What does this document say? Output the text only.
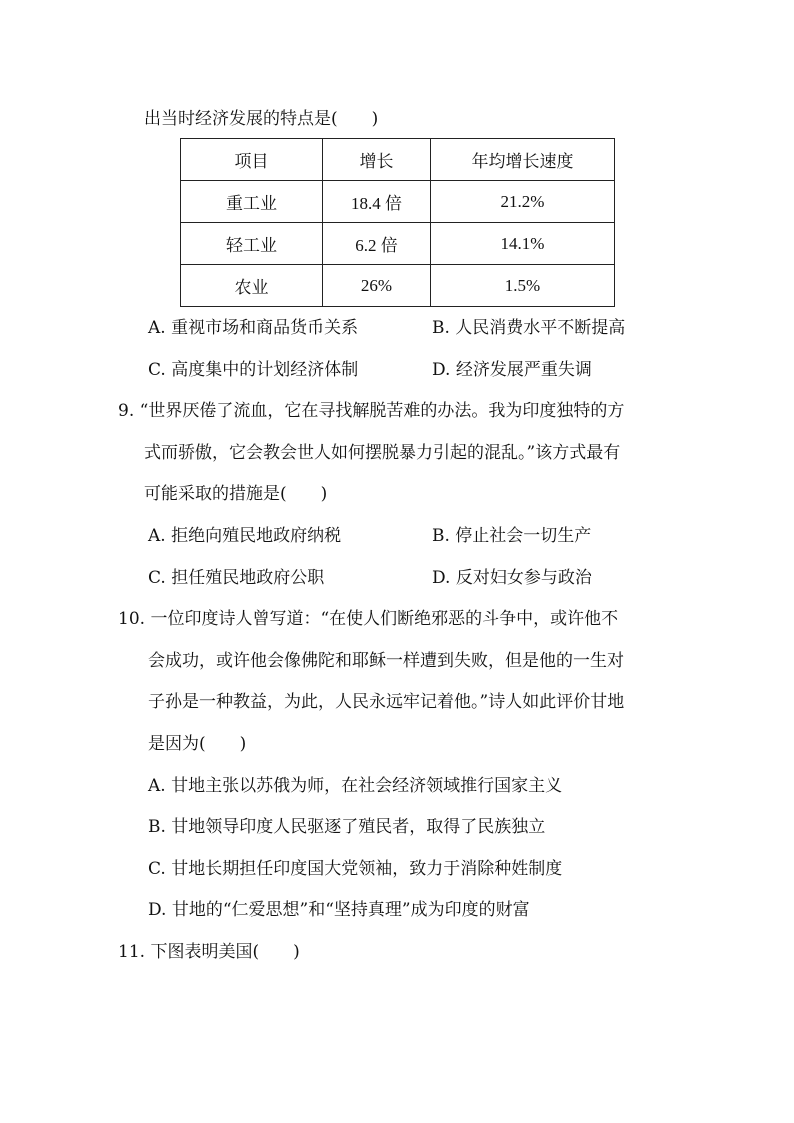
出当时经济发展的特点是(　　)
项目	增长	年均增长速度
重工业	18.4 倍	21.2%
轻工业	6.2 倍	14.1%
农业	26%	1.5%
A. 重视市场和商品货币关系	B. 人民消费水平不断提高
C. 高度集中的计划经济体制	D. 经济发展严重失调
9. “世界厌倦了流血，它在寻找解脱苦难的办法。我为印度独特的方
式而骄傲，它会教会世人如何摆脱暴力引起的混乱。”该方式最有
可能采取的措施是(　　)
A. 拒绝向殖民地政府纳税	B. 停止社会一切生产
C. 担任殖民地政府公职	D. 反对妇女参与政治
10. 一位印度诗人曾写道：“在使人们断绝邪恶的斗争中，或许他不
会成功，或许他会像佛陀和耶稣一样遭到失败，但是他的一生对
子孙是一种教益，为此，人民永远牢记着他。”诗人如此评价甘地
是因为(　　)
A. 甘地主张以苏俄为师，在社会经济领域推行国家主义
B. 甘地领导印度人民驱逐了殖民者，取得了民族独立
C. 甘地长期担任印度国大党领袖，致力于消除种姓制度
D. 甘地的“仁爱思想”和“坚持真理”成为印度的财富
11. 下图表明美国(　　)
